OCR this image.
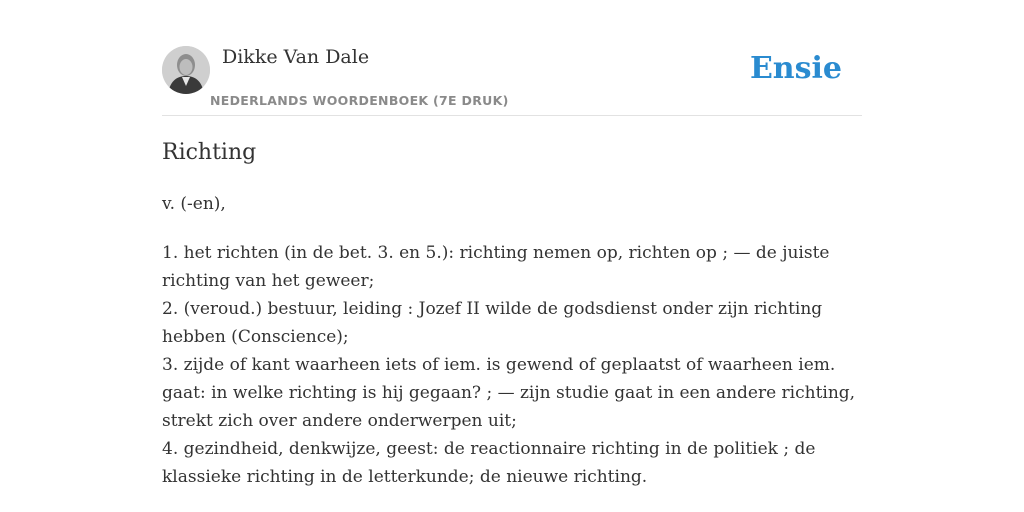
Dikke Van Dale
NEDERLANDS WOORDENBOEK (7E DRUK)
Ensie
Richting
v. (-en),

1. het richten (in de bet. 3. en 5.): richting nemen op, richten op ; — de juiste richting van het geweer;

2. (veroud.) bestuur, leiding : Jozef II wilde de godsdienst onder zijn richting hebben (Conscience);

3. zijde of kant waarheen iets of iem. is gewend of geplaatst of waarheen iem. gaat: in welke richting is hij gegaan? ; — zijn studie gaat in een andere richting, strekt zich over andere onderwerpen uit;

4. gezindheid, denkwijze, geest: de reactionnaire richting in de politiek ; de klassieke richting in de letterkunde; de nieuwe richting.
